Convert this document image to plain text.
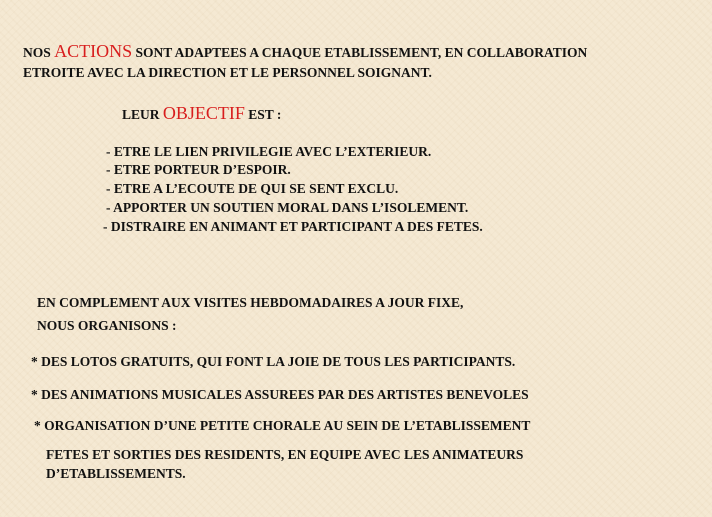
NOS ACTIONS SONT ADAPTEES A CHAQUE ETABLISSEMENT, EN COLLABORATION
ETROITE AVEC LA DIRECTION ET LE PERSONNEL SOIGNANT.
LEUR OBJECTIF EST :
- ETRE LE LIEN PRIVILEGIE AVEC L’EXTERIEUR.
- ETRE PORTEUR D’ESPOIR.
- ETRE A L’ECOUTE DE QUI SE SENT EXCLU.
- APPORTER UN SOUTIEN MORAL DANS L’ISOLEMENT.
- DISTRAIRE EN ANIMANT ET PARTICIPANT A DES FETES.
EN COMPLEMENT AUX VISITES HEBDOMADAIRES A JOUR FIXE,
NOUS ORGANISONS :
* DES LOTOS GRATUITS, QUI FONT LA JOIE DE TOUS LES PARTICIPANTS.
* DES ANIMATIONS MUSICALES ASSUREES PAR DES ARTISTES BENEVOLES
* ORGANISATION D’UNE PETITE CHORALE AU SEIN DE L’ETABLISSEMENT
FETES ET SORTIES DES RESIDENTS, EN EQUIPE AVEC LES ANIMATEURS
D’ETABLISSEMENTS.
